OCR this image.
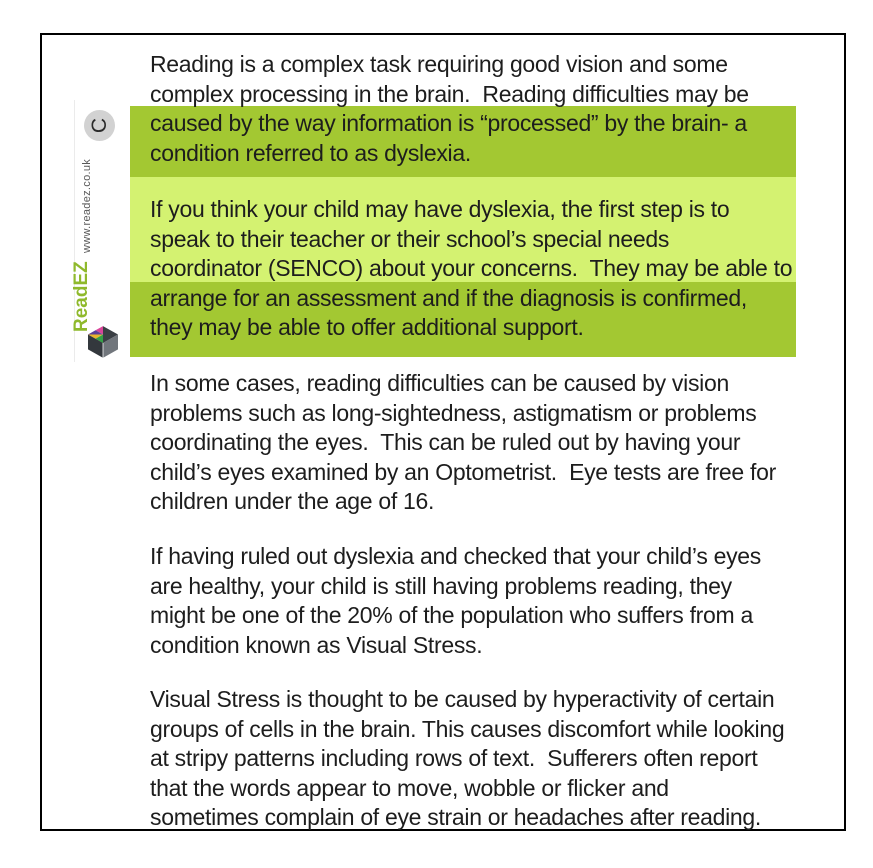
C
www.readez.co.uk
ReadEZ
Reading is a complex task requiring good vision and some
complex processing in the brain.  Reading difficulties may be
caused by the way information is “processed” by the brain- a
condition referred to as dyslexia.
If you think your child may have dyslexia, the first step is to
speak to their teacher or their school’s special needs
coordinator (SENCO) about your concerns.  They may be able to
arrange for an assessment and if the diagnosis is confirmed,
they may be able to offer additional support.
In some cases, reading difficulties can be caused by vision
problems such as long-sightedness, astigmatism or problems
coordinating the eyes.  This can be ruled out by having your
child’s eyes examined by an Optometrist.  Eye tests are free for
children under the age of 16.
If having ruled out dyslexia and checked that your child’s eyes
are healthy, your child is still having problems reading, they
might be one of the 20% of the population who suffers from a
condition known as Visual Stress.
Visual Stress is thought to be caused by hyperactivity of certain
groups of cells in the brain. This causes discomfort while looking
at stripy patterns including rows of text.  Sufferers often report
that the words appear to move, wobble or flicker and
sometimes complain of eye strain or headaches after reading.
